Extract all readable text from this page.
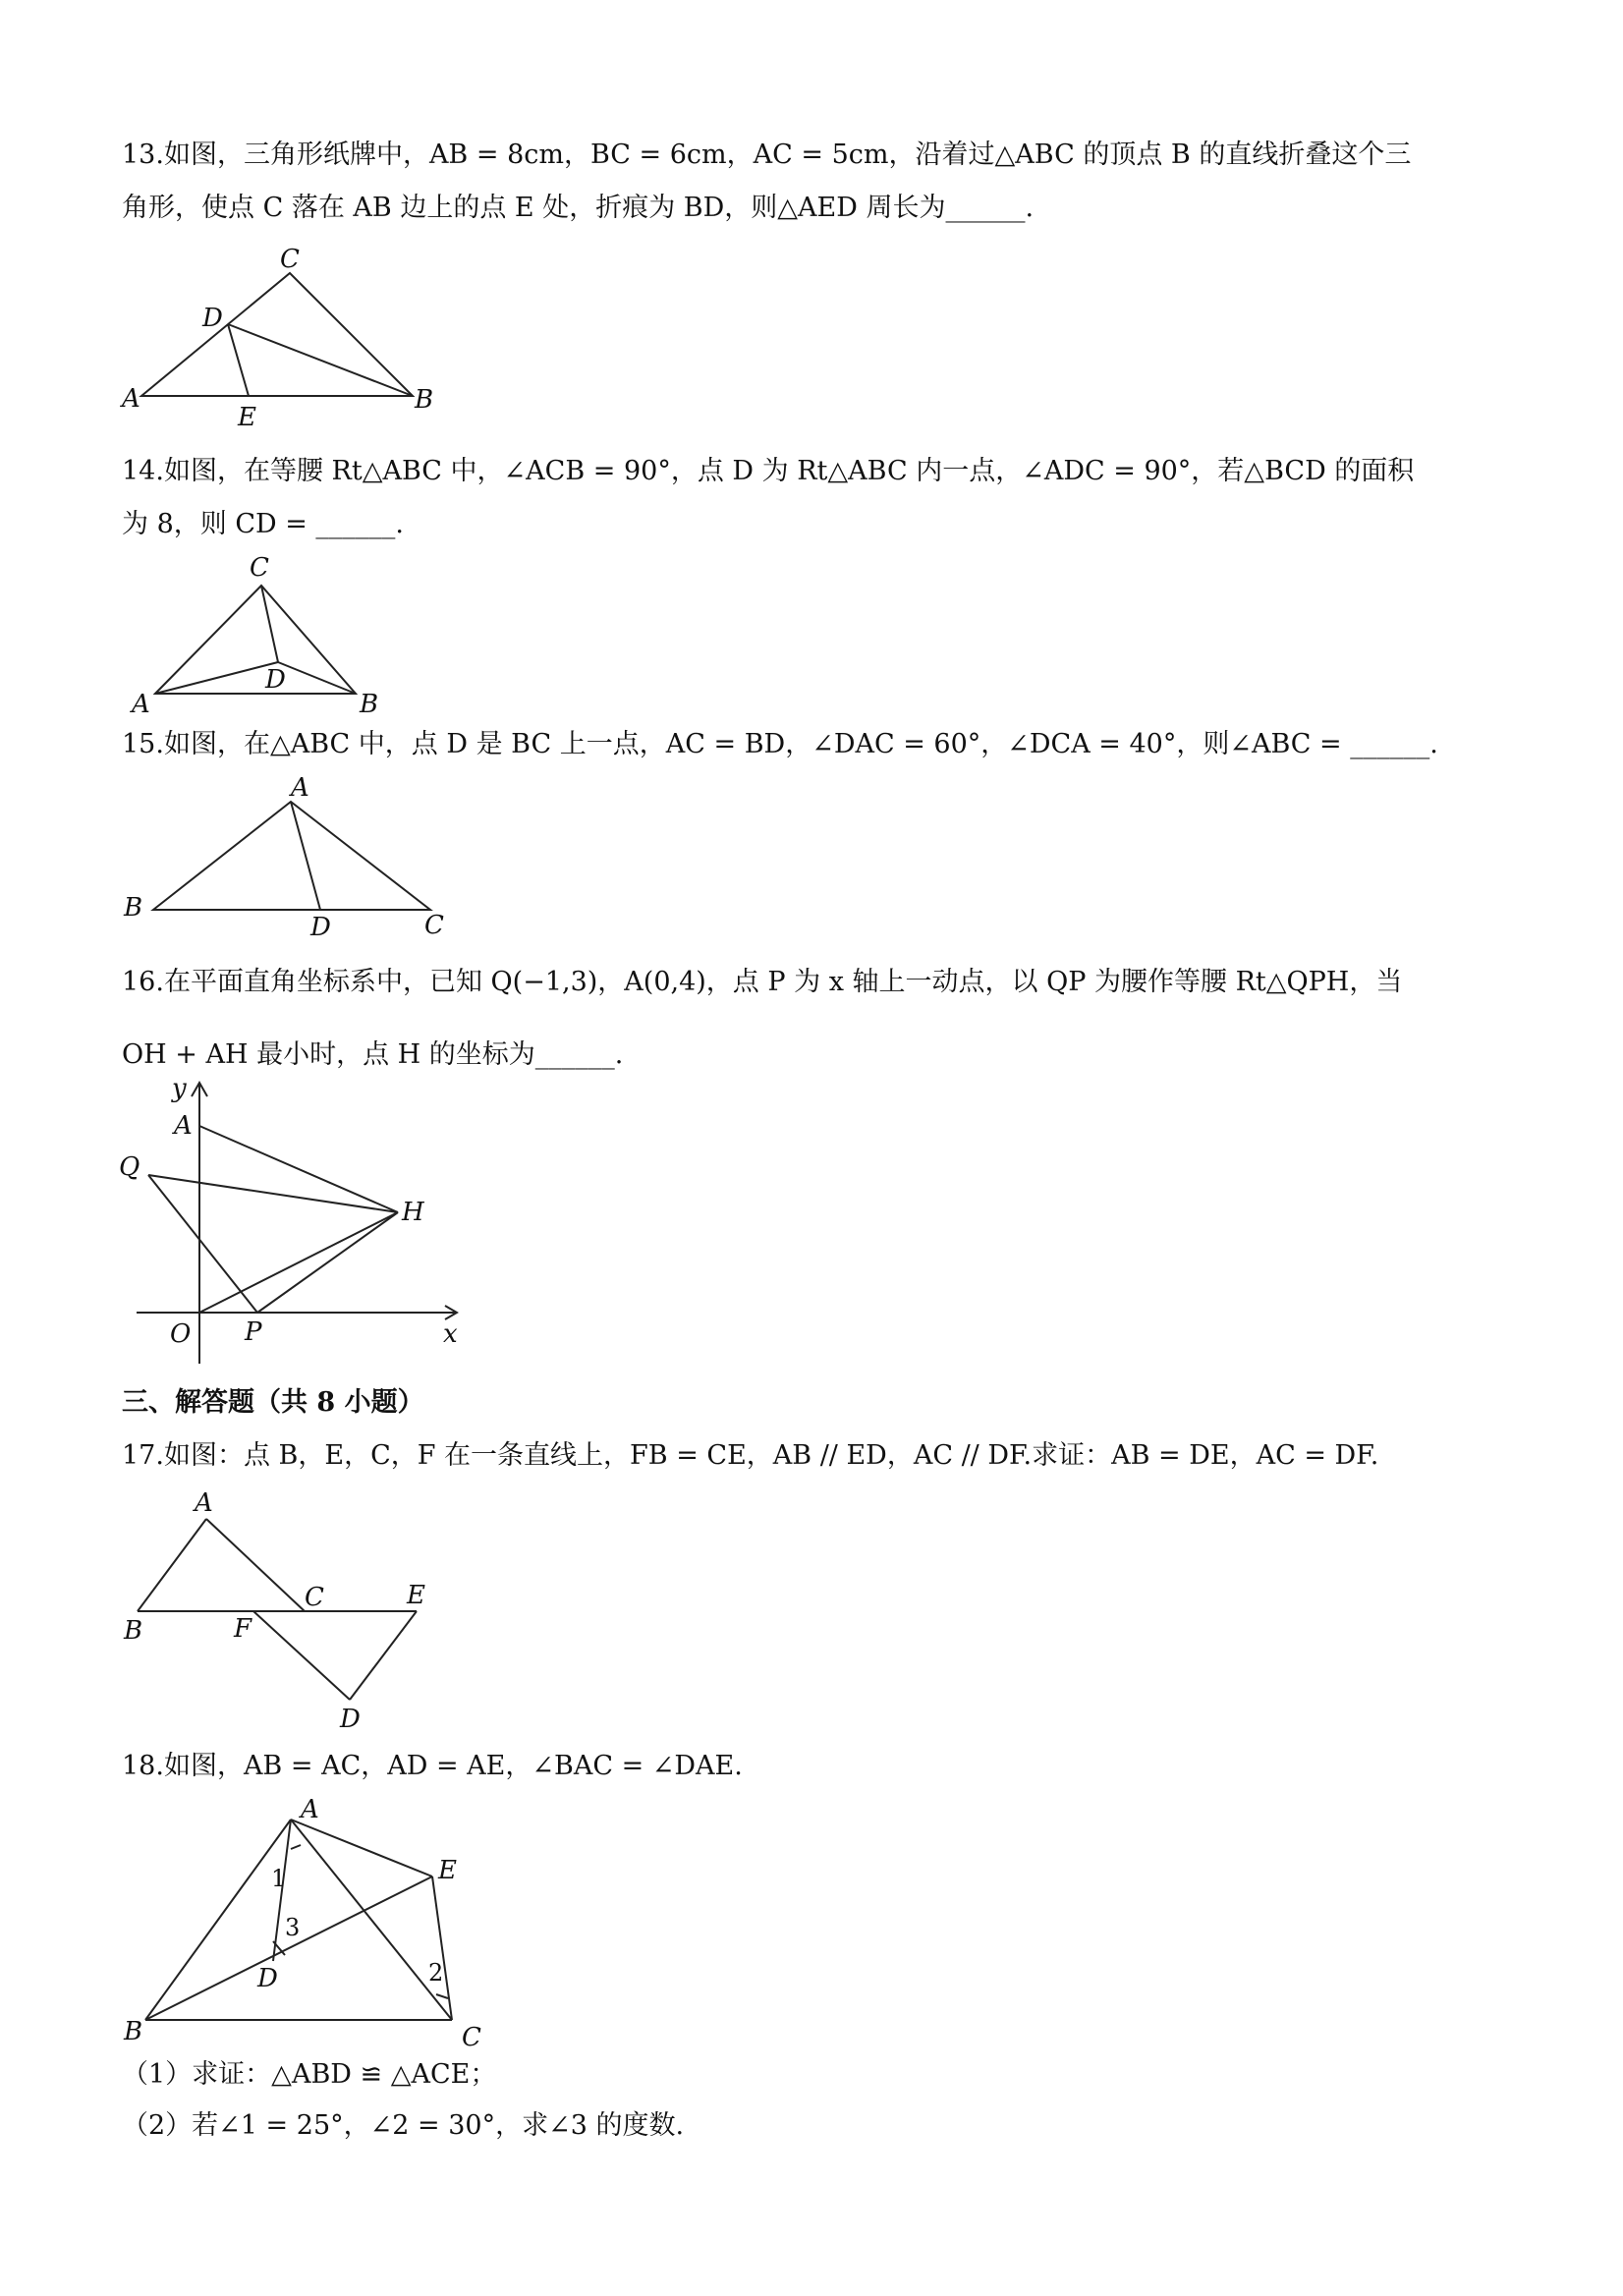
13.如图，三角形纸牌中，AB = 8cm，BC = 6cm，AC = 5cm，沿着过△ABC 的顶点 B 的直线折叠这个三
角形，使点 C 落在 AB 边上的点 E 处，折痕为 BD，则△AED 周长为______.
A	B
C
D
E
14.如图，在等腰 Rt△ABC 中，∠ACB = 90°，点 D 为 Rt△ABC 内一点，∠ADC = 90°，若△BCD 的面积
为 8，则 CD = ______.
A	B
C
D
15.如图，在△ABC 中，点 D 是 BC 上一点，AC = BD，∠DAC = 60°，∠DCA = 40°，则∠ABC = ______.
A
B
C
D
16.在平面直角坐标系中，已知 Q(−1,3)，A(0,4)，点 P 为 x 轴上一动点，以 QP 为腰作等腰 Rt△QPH，当
OH + AH 最小时，点 H 的坐标为______.
y
A
Q
H
O P	x
三、解答题（共 8 小题）
17.如图：点 B，E，C，F 在一条直线上，FB = CE，AB // ED，AC // DF.求证：AB = DE，AC = DF.
A
B	F
C	E
D
18.如图，AB = AC，AD = AE，∠BAC = ∠DAE.
A
E
1
3
D	2
B	C
（1）求证：△ABD ≌ △ACE；
（2）若∠1 = 25°，∠2 = 30°，求∠3 的度数.
